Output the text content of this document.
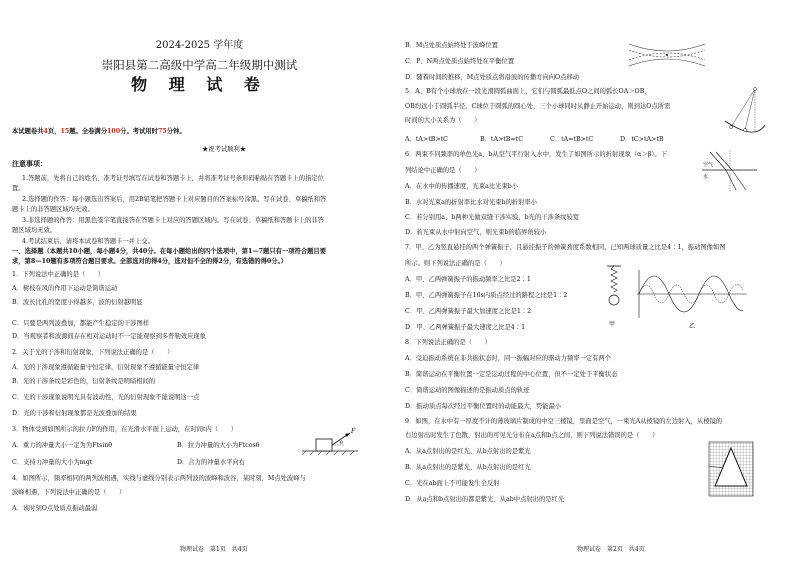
2024-2025 学年度
崇阳县第二高级中学高二年级期中测试
物 理 试 卷
本试题卷共4页，15题。全卷满分100分。考试用时75分钟。
★祝考试顺利★
注意事项：
1.答题前，先将自己的姓名、准考证号填写在试卷和答题卡上，并将准考证号条形码粘贴在答题卡上的指定位
置。
2.选择题的作答：每小题选出答案后，用2B铅笔把答题卡上对应题目的答案标号涂黑。写在试卷、草稿纸和答
题卡上的非答题区域均无效。
3.非选择题的作答：用黑色签字笔直接答在答题卡上对应的答题区域内。写在试卷、草稿纸和答题卡上的非答
题区域均无效。
4.考试结束后，请将本试卷和答题卡一并上交。
一、选择题（本题共10小题，每小题4分，共40分。在每小题给出的四个选项中，第1—7题只有一项符合题目要
求，第8—10题有多项符合题目要求。全部选对的得4分，选对但不全的得2分，有选错的得0分。）
1．下列说法中正确的是（　　）
A．树枝在风的作用下运动是简谐运动
B．波长比孔的宽度小得越多，波的衍射越明显
C．只要是两列波叠加，都能产生稳定的干涉图样
D．当观察者和波源间存在相对运动时不一定能观察到多普勒效应现象
2．关于光的干涉和衍射现象，下列说法正确的是（　　）
A．光的干涉现象遵循能量守恒定律，衍射现象不遵循能量守恒定律
B．光的干涉条纹是彩色的，衍射条纹是明暗相间的
C．光的干涉现象说明光具有波动性，光的衍射现象不能说明这一点
D．光的干涉和衍射现象都是光波叠加的结果
3．物体受到如图所示的拉力F的作用，在光滑水平面上运动，在时间t内（　　）
A．重力的冲量大小一定为为Ftsinθ	B．拉力冲量的大小为Ftcosθ
C．支持力冲量的大小为mgt	D．合力的冲量水平向右
4．如图所示，频率相同的两列波相遇，实线与虚线分别表示两列波的波峰和波谷，某时刻，M点处波峰与
波峰相遇，下列说法中正确的是（　　）
A．该时刻O点处质点振动最弱
F
θ
物理试卷　第1页　共4页
B．M点处质点始终处于波峰位置
C．P、N两点处质点始终处在平衡位置
D．随着时间的推移，M点处质点将沿波的传播方向向O点移动
5．A、B有个小球放在一段光滑圆弧曲面上，它们与圆弧最低点O之间的弧长OA＞OB，
OB均远小于圆弧半径，C球位于圆弧的圆心处，三个小球同时从静止开始运动，则到达O点所需
时间的大小关系为（　　）
A．tA>tB>tC	B．tA>tB=tC	C．tA=tB>tC	D．tC>tA>tB
6．两束不同频率的单色光a、b从空气平行射入水中，发生了如图所示的折射现象（α＞β）。下
列结论中正确的是（　　）
A．在水中的传播速度，光束a比光束b小
B．水对光束a的折射率比水对光束b的折射率小
C．若分别用a、b两种光做双缝干涉实验，b光的干涉条纹较宽
D．若光束从水中射向空气，则光束b的临界角较小
7．甲、乙为竖直悬挂的两个弹簧振子，且悬挂振子的弹簧劲度系数相同，已知两球质量之比是4∶1，振动图像如图
所示。则下列说法正确的是（　　）
A．甲、乙两弹簧振子的振动频率之比是2∶1
B．甲、乙两弹簧振子在10s内质点经过的路程之比是1∶2
C．甲、乙两弹簧振子最大加速度之比是1∶2
D．甲、乙两弹簧振子最大速度之比是4∶1
8．下列说法正确的是（　　）
A．受迫振动系统在非共振状态时，同一振幅对应的驱动力频率一定有两个
B．简谐运动在平衡位置一定是运动过程的中心位置，但不一定处于平衡状态
C．简谐运动的图像描述的是振动质点的轨迹
D．振动质点每次经过平衡位置时的动能最大，势能最小
9．如图，在水中有一厚度不计的薄玻璃片制成的中空三棱镜，里面是空气，一束光A从棱镜的左边射入，从棱镜的
右边射出时发生了色散，射出的可见光分布在a点和b点之间，则下列说法错误的是（　　）
A．从a点射出的是红光，从b点射出的是紫光
B．从a点射出的是紫光，从b点射出的是红光
C．光在ab面上不可能发生全反射
D．从a点和b点射出的都是紫光，从ab中点射出的是红光
空气
水
甲	乙
物理试卷　第2页　共4页
